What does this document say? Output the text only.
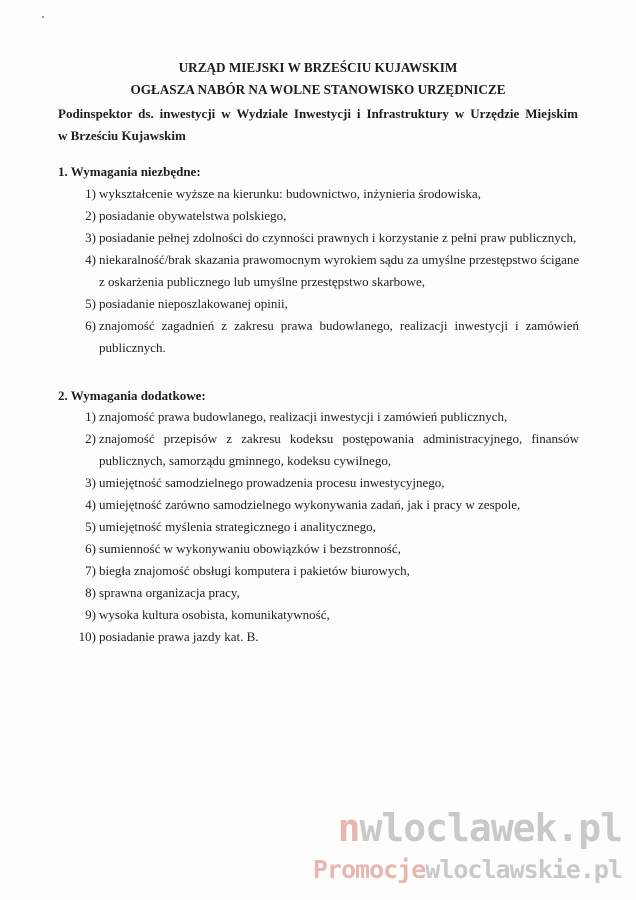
URZĄD MIEJSKI W BRZEŚCIU KUJAWSKIM
OGŁASZA NABÓR NA WOLNE STANOWISKO URZĘDNICZE
Podinspektor ds. inwestycji w Wydziale Inwestycji i Infrastruktury w Urzędzie Miejskim
w Brześciu Kujawskim
1. Wymagania niezbędne:
1) wykształcenie wyższe na kierunku: budownictwo, inżynieria środowiska,
2) posiadanie obywatelstwa polskiego,
3) posiadanie pełnej zdolności do czynności prawnych i korzystanie z pełni praw publicznych,
4) niekaralność/brak skazania prawomocnym wyrokiem sądu za umyślne przestępstwo ścigane
z oskarżenia publicznego lub umyślne przestępstwo skarbowe,
5) posiadanie nieposzlakowanej opinii,
6) znajomość zagadnień z zakresu prawa budowlanego, realizacji inwestycji i zamówień
publicznych.
2. Wymagania dodatkowe:
1) znajomość prawa budowlanego, realizacji inwestycji i zamówień publicznych,
2) znajomość przepisów z zakresu kodeksu postępowania administracyjnego, finansów
publicznych, samorządu gminnego, kodeksu cywilnego,
3) umiejętność samodzielnego prowadzenia procesu inwestycyjnego,
4) umiejętność zarówno samodzielnego wykonywania zadań, jak i pracy w zespole,
5) umiejętność myślenia strategicznego i analitycznego,
6) sumienność w wykonywaniu obowiązków i bezstronność,
7) biegła znajomość obsługi komputera i pakietów biurowych,
8) sprawna organizacja pracy,
9) wysoka kultura osobista, komunikatywność,
10) posiadanie prawa jazdy kat. B.
nwloclawek.pl
Promocjewloclawskie.pl
